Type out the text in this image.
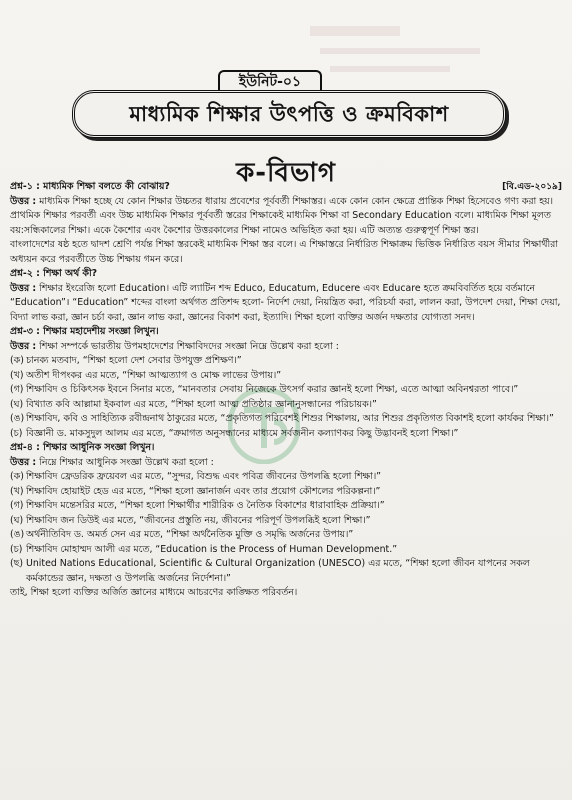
ইউনিট-০১
মাধ্যমিক শিক্ষার উৎপত্তি ও ক্রমবিকাশ
ক-বিভাগ

প্রশ্ন-১ : মাধ্যমিক শিক্ষা বলতে কী বোঝায়?	[বি.এড-২০১৯]

উত্তর : মাধ্যমিক শিক্ষা হচ্ছে যে কোন শিক্ষার উচ্চতর ধারায় প্রবেশের পূর্ববর্তী শিক্ষাস্তর। একে কোন কোন ক্ষেত্রে প্রান্তিক শিক্ষা হিসেবেও গণ্য করা হয়। প্রাথমিক শিক্ষার পরবর্তী এবং উচ্চ মাধ্যমিক শিক্ষার পূর্ববর্তী স্তরের শিক্ষাকেই মাধ্যমিক শিক্ষা বা Secondary Education বলে। মাধ্যমিক শিক্ষা মূলত বয়:সন্ধিকালের শিক্ষা। একে কৈশোর এবং কৈশোর উত্তরকালের শিক্ষা নামেও অভিহিত করা হয়। এটি অত্যন্ত গুরুত্বপূর্ণ শিক্ষা স্তর।

বাংলাদেশের ষষ্ঠ হতে দ্বাদশ শ্রেণি পর্যন্ত শিক্ষা স্তরকেই মাধ্যমিক শিক্ষা স্তর বলে। এ শিক্ষাস্তরে নির্ধারিত শিক্ষাক্রম ভিত্তিক নির্ধারিত বয়স সীমার শিক্ষার্থীরা অধ্যয়ন করে পরবর্তীতে উচ্চ শিক্ষায় গমন করে।

প্রশ্ন-২ : শিক্ষা অর্থ কী?

উত্তর : শিক্ষার ইংরেজি হলো Education। এটি ল্যাটিন শব্দ Educo, Educatum, Educere এবং Educare হতে ক্রমবিবর্তিত হয়ে বর্তমানে “Education”। “Education” শব্দের বাংলা অর্থগত প্রতিশব্দ হলো- নির্দেশ দেয়া, নিয়ন্ত্রিত করা, পরিচর্যা করা, লালন করা, উপদেশ দেয়া, শিক্ষা দেয়া, বিদ্যা লাভ করা, জ্ঞান চর্চা করা, জ্ঞান লাভ করা, জ্ঞানের বিকাশ করা, ইত্যাদি। শিক্ষা হলো ব্যক্তির অর্জন দক্ষতার যোগ্যতা সনদ।

প্রশ্ন-৩ : শিক্ষার মহাদেশীয় সংজ্ঞা লিখুন।

উত্তর : শিক্ষা সম্পর্কে ভারতীয় উপমহাদেশের শিক্ষাবিদদের সংজ্ঞা নিম্নে উল্লেখ করা হলো :

(ক) চানক্য মতবাদ, “শিক্ষা হলো দেশ সেবার উপযুক্ত প্রশিক্ষণ।”

(খ) অতীশ দীপংকর এর মতে, “শিক্ষা আত্মত্যাগ ও মোক্ষ লাভের উপায়।”

(গ) শিক্ষাবিদ ও চিকিৎসক ইবনে সিনার মতে, “মানবতার সেবায় নিজেকে উৎসর্গ করার জ্ঞানই হলো শিক্ষা, এতে আত্মা অবিনশ্বরতা পাবে।”

(ঘ) বিখ্যাত কবি আল্লামা ইকবাল এর মতে, “শিক্ষা হলো আত্ম প্রতিষ্ঠার জ্ঞানানুসন্ধানের পরিচায়ক।”

(ঙ) শিক্ষাবিদ, কবি ও সাহিত্যিক রবীন্দ্রনাথ ঠাকুরের মতে, “প্রকৃতিগত পরিবেশই শিশুর শিক্ষালয়, আর শিশুর প্রকৃতিগত বিকাশই হলো কার্যকর শিক্ষা।”

(চ) বিজ্ঞানী ড. মাকসুদুল আলম এর মতে, “ক্রমাগত অনুসন্ধানের মাধ্যমে সর্বজনীন কল্যাণকর কিছু উদ্ভাবনই হলো শিক্ষা।”

প্রশ্ন-৪ : শিক্ষার আধুনিক সংজ্ঞা লিখুন।

উত্তর : নিম্নে শিক্ষার আধুনিক সংজ্ঞা উল্লেখ করা হলো :

(ক) শিক্ষাবিদ ফ্রেডরিক ফ্রয়েবল এর মতে, “সুন্দর, বিশুদ্ধ এবং পবিত্র জীবনের উপলব্ধি হলো শিক্ষা।”

(খ) শিক্ষাবিদ হোয়াইট হেড এর মতে, “শিক্ষা হলো জ্ঞানার্জন এবং তার প্রয়োগ কৌশলের পরিকল্পনা।”

(গ) শিক্ষাবিদ মন্তেসরির মতে, “শিক্ষা হলো শিক্ষার্থীর শারীরিক ও নৈতিক বিকাশের ধারাবাহিক প্রক্রিয়া।”

(ঘ) শিক্ষাবিদ জন ডিউই এর মতে, “জীবনের প্রস্তুতি নয়, জীবনের পরিপূর্ণ উপলব্ধিই হলো শিক্ষা।”

(ঙ) অর্থনীতিবিদ ড. অমর্ত সেন এর মতে, “শিক্ষা অর্থনৈতিক মুক্তি ও সমৃদ্ধি অর্জনের উপায়।”

(চ) শিক্ষাবিদ মোহাম্মদ আলী এর মতে, “Education is the Process of Human Development.”

(ছ) United Nations Educational, Scientific & Cultural Organization (UNESCO) এর মতে, “শিক্ষা হলো জীবন যাপনের সকল কর্মকান্ডের জ্ঞান, দক্ষতা ও উপলব্ধি অর্জনের নির্দেশনা।”

তাই, শিক্ষা হলো ব্যক্তির অর্জিত জ্ঞানের মাধ্যমে আচরণের কাঙ্ক্ষিত পরিবর্তন।
